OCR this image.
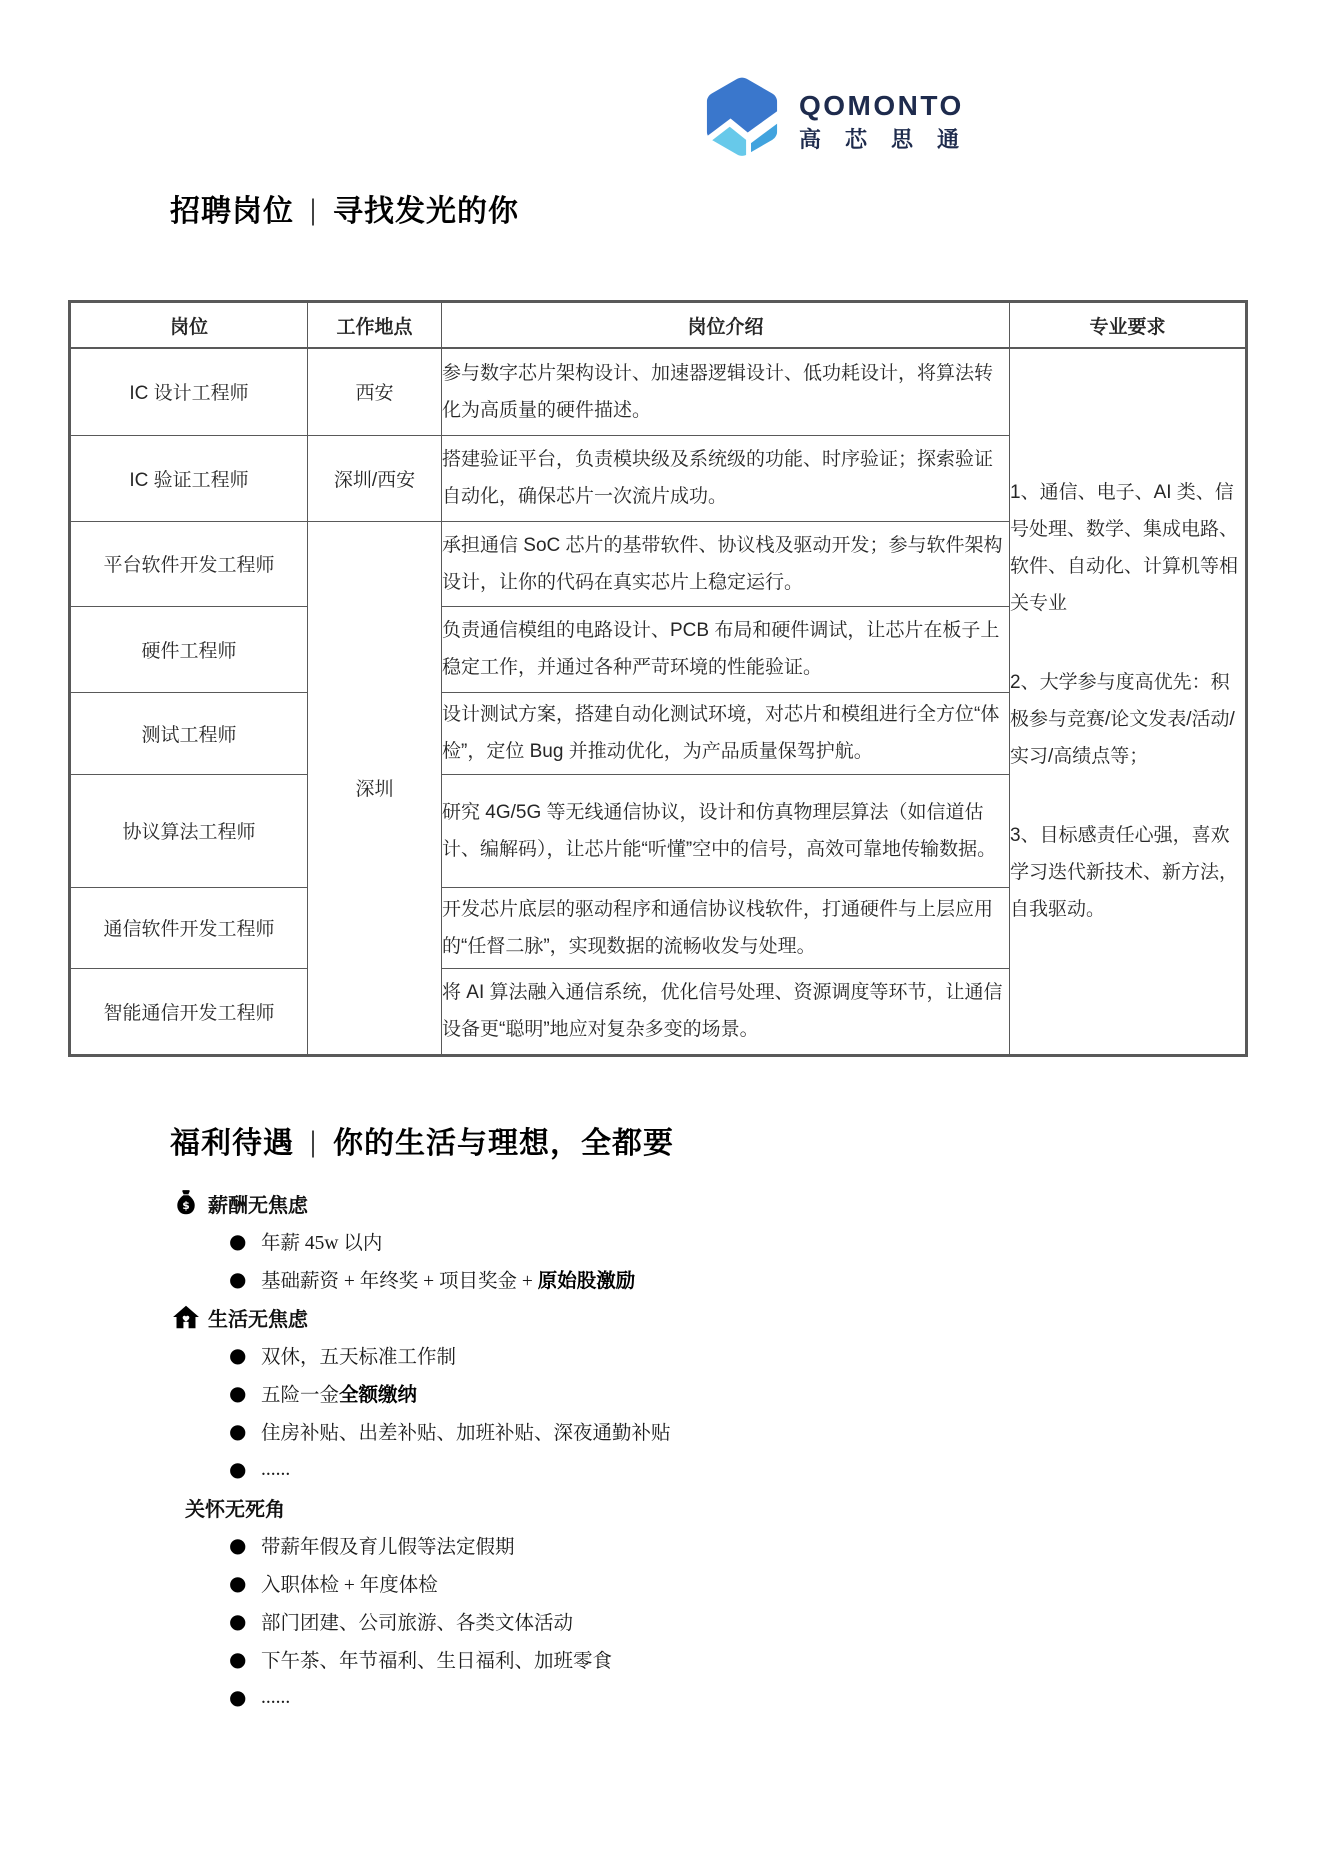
QOMONTO
高芯思通
招聘岗位 | 寻找发光的你
岗位	工作地点	岗位介绍	专业要求
IC 设计工程师	西安	参与数字芯片架构设计、加速器逻辑设计、低功耗设计，将算法转化为高质量的硬件描述。	1、通信、电子、AI 类、信号处理、数学、集成电路、软件、自动化、计算机等相关专业

2、大学参与度高优先：积极参与竞赛/论文发表/活动/实习/高绩点等；

3、目标感责任心强，喜欢学习迭代新技术、新方法，自我驱动。

IC 验证工程师	深圳/西安	搭建验证平台，负责模块级及系统级的功能、时序验证；探索验证自动化，确保芯片一次流片成功。	
平台软件开发工程师	深圳	承担通信 SoC 芯片的基带软件、协议栈及驱动开发；参与软件架构设计，让你的代码在真实芯片上稳定运行。	
硬件工程师		负责通信模组的电路设计、PCB 布局和硬件调试，让芯片在板子上稳定工作，并通过各种严苛环境的性能验证。	
测试工程师		设计测试方案，搭建自动化测试环境，对芯片和模组进行全方位“体检”，定位 Bug 并推动优化，为产品质量保驾护航。	
协议算法工程师		研究 4G/5G 等无线通信协议，设计和仿真物理层算法（如信道估计、编解码），让芯片能“听懂”空中的信号，高效可靠地传输数据。	
通信软件开发工程师		开发芯片底层的驱动程序和通信协议栈软件，打通硬件与上层应用的“任督二脉”，实现数据的流畅收发与处理。	
智能通信开发工程师		将 AI 算法融入通信系统，优化信号处理、资源调度等环节，让通信设备更“聪明”地应对复杂多变的场景。	
福利待遇 | 你的生活与理想，全都要
$ 薪酬无焦虑
● 年薪 45w 以内
● 基础薪资 + 年终奖 + 项目奖金 + 原始股激励
生活无焦虑
● 双休，五天标准工作制
● 五险一金全额缴纳
● 住房补贴、出差补贴、加班补贴、深夜通勤补贴
● ......
关怀无死角
● 带薪年假及育儿假等法定假期
● 入职体检 + 年度体检
● 部门团建、公司旅游、各类文体活动
● 下午茶、年节福利、生日福利、加班零食
● ......
